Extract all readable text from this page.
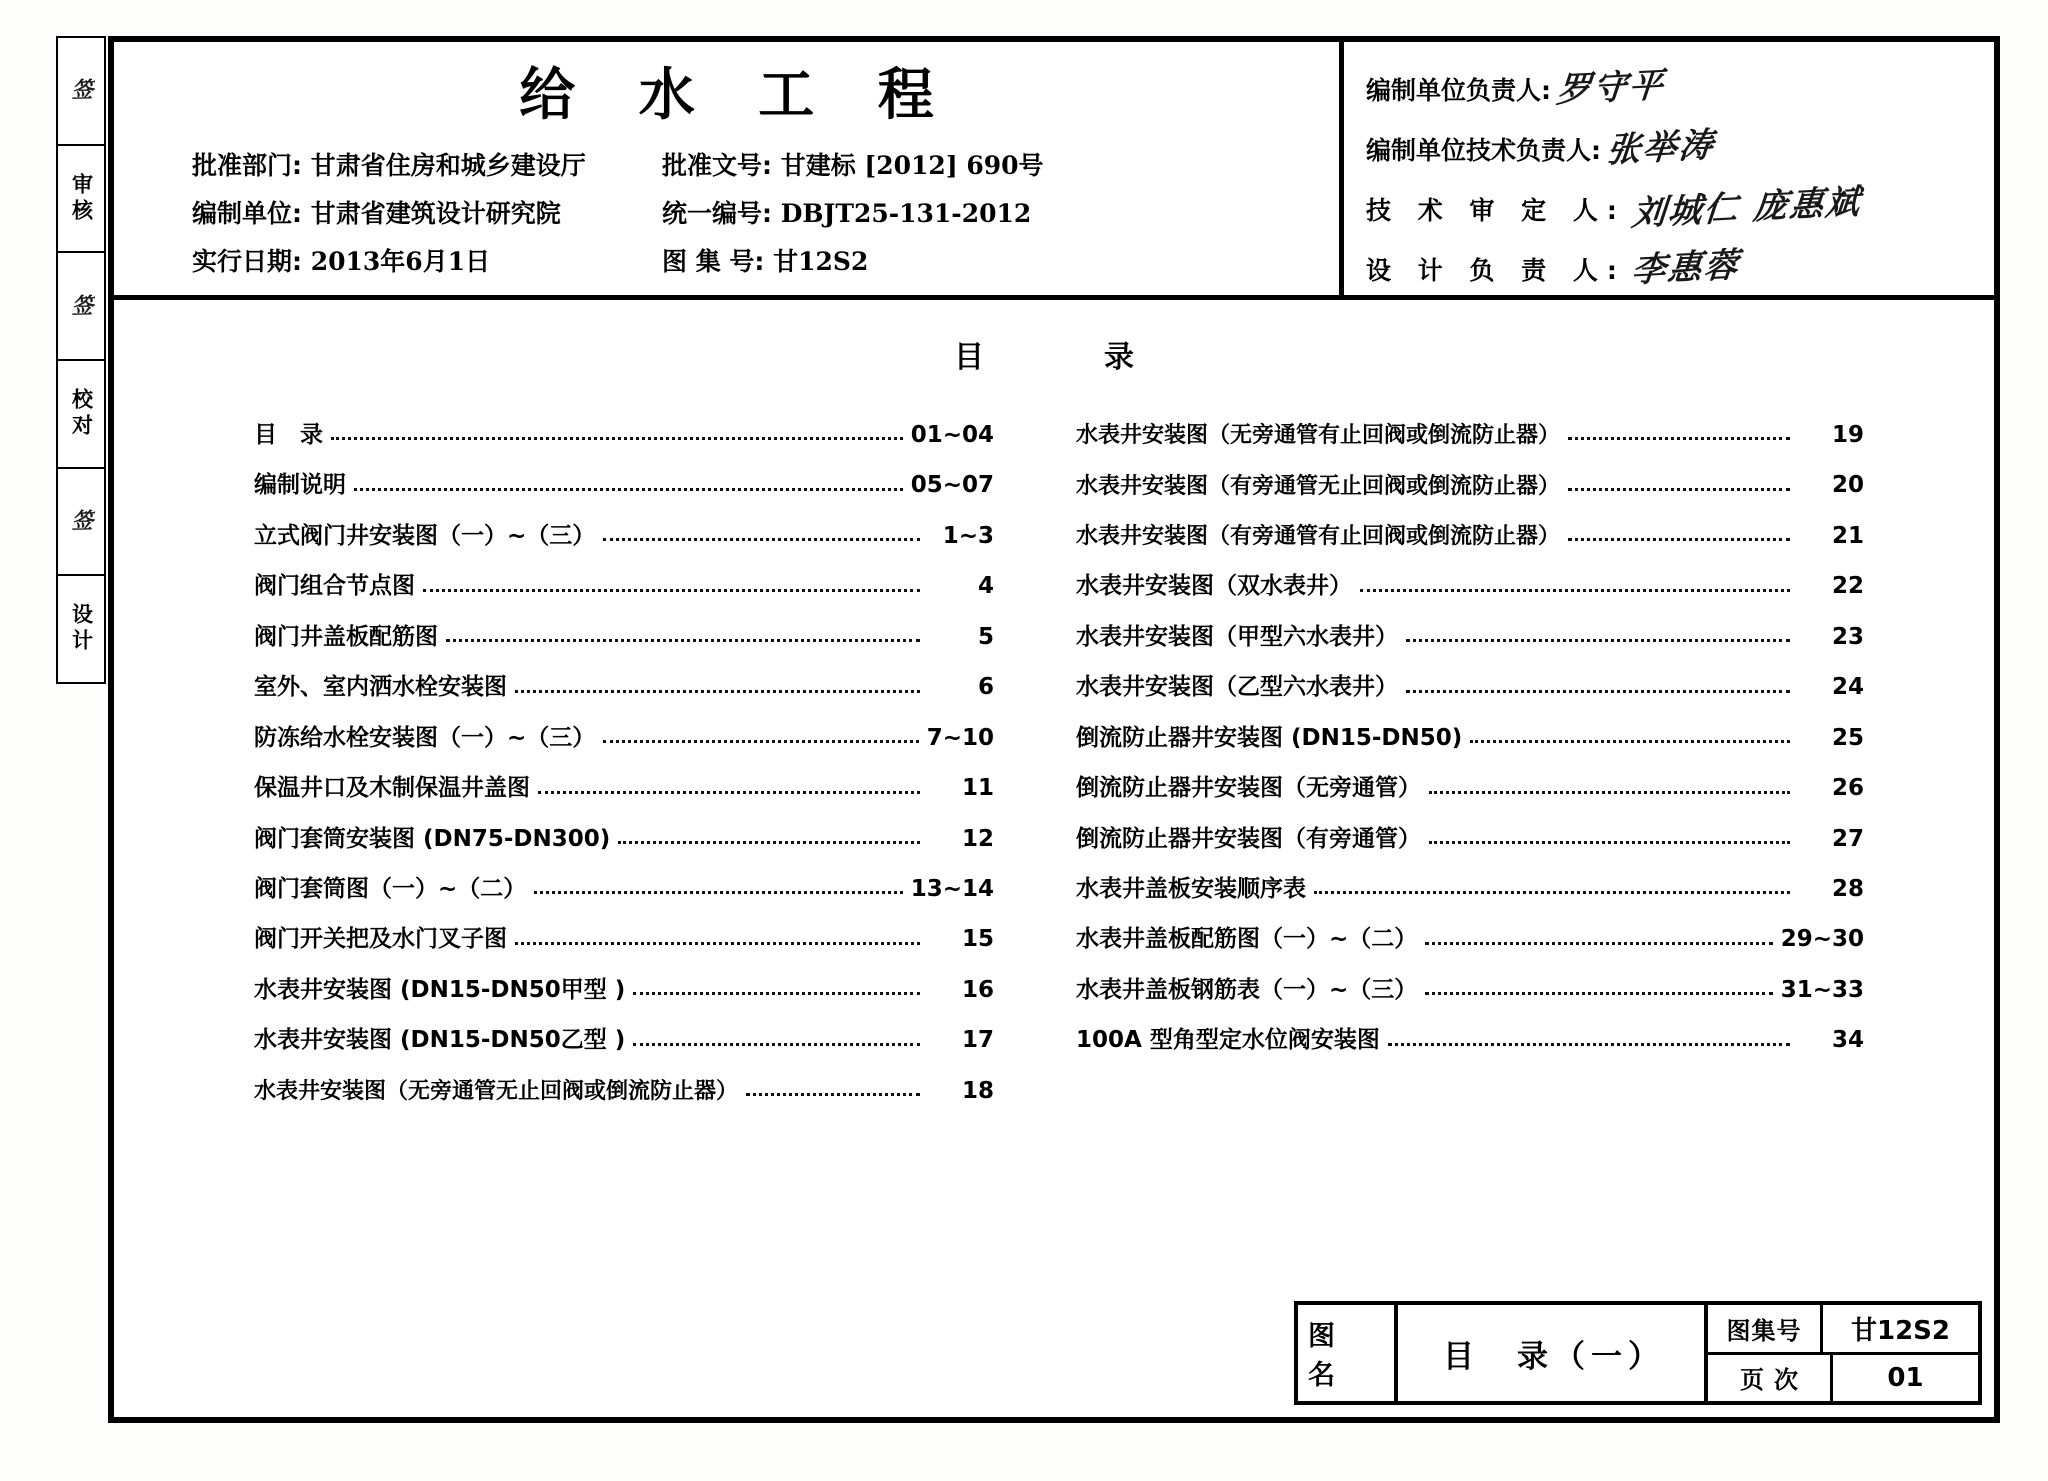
签
审核
签
校对
签
设计
给 水 工 程
批准部门: 甘肃省住房和城乡建设厅	批准文号: 甘建标 [2012] 690号
编制单位: 甘肃省建筑设计研究院	统一编号: DBJT25-131-2012
实行日期: 2013年6月1日	图 集 号: 甘12S2
编制单位负责人: 罗守平
编制单位技术负责人: 张举涛
技 术 审 定 人: 刘城仁 庞惠斌
设 计 负 责 人: 李惠蓉
目　　录
目　录	01~04
编制说明	05~07
立式阀门井安装图（一）~（三）	1~3
阀门组合节点图	4
阀门井盖板配筋图	5
室外、室内洒水栓安装图	6
防冻给水栓安装图（一）~（三）	7~10
保温井口及木制保温井盖图	11
阀门套筒安装图 (DN75-DN300)	12
阀门套筒图（一）~（二）	13~14
阀门开关把及水门叉子图	15
水表井安装图 (DN15-DN50甲型 )	16
水表井安装图 (DN15-DN50乙型 )	17
水表井安装图（无旁通管无止回阀或倒流防止器）	18
水表井安装图（无旁通管有止回阀或倒流防止器）	19
水表井安装图（有旁通管无止回阀或倒流防止器）	20
水表井安装图（有旁通管有止回阀或倒流防止器）	21
水表井安装图（双水表井）	22
水表井安装图（甲型六水表井）	23
水表井安装图（乙型六水表井）	24
倒流防止器井安装图 (DN15-DN50)	25
倒流防止器井安装图（无旁通管）	26
倒流防止器井安装图（有旁通管）	27
水表井盖板安装顺序表	28
水表井盖板配筋图（一）~（二）	29~30
水表井盖板钢筋表（一）~（三）	31~33
100A 型角型定水位阀安装图	34
图　名
目　录（一）
图集号	甘12S2
页次	01
